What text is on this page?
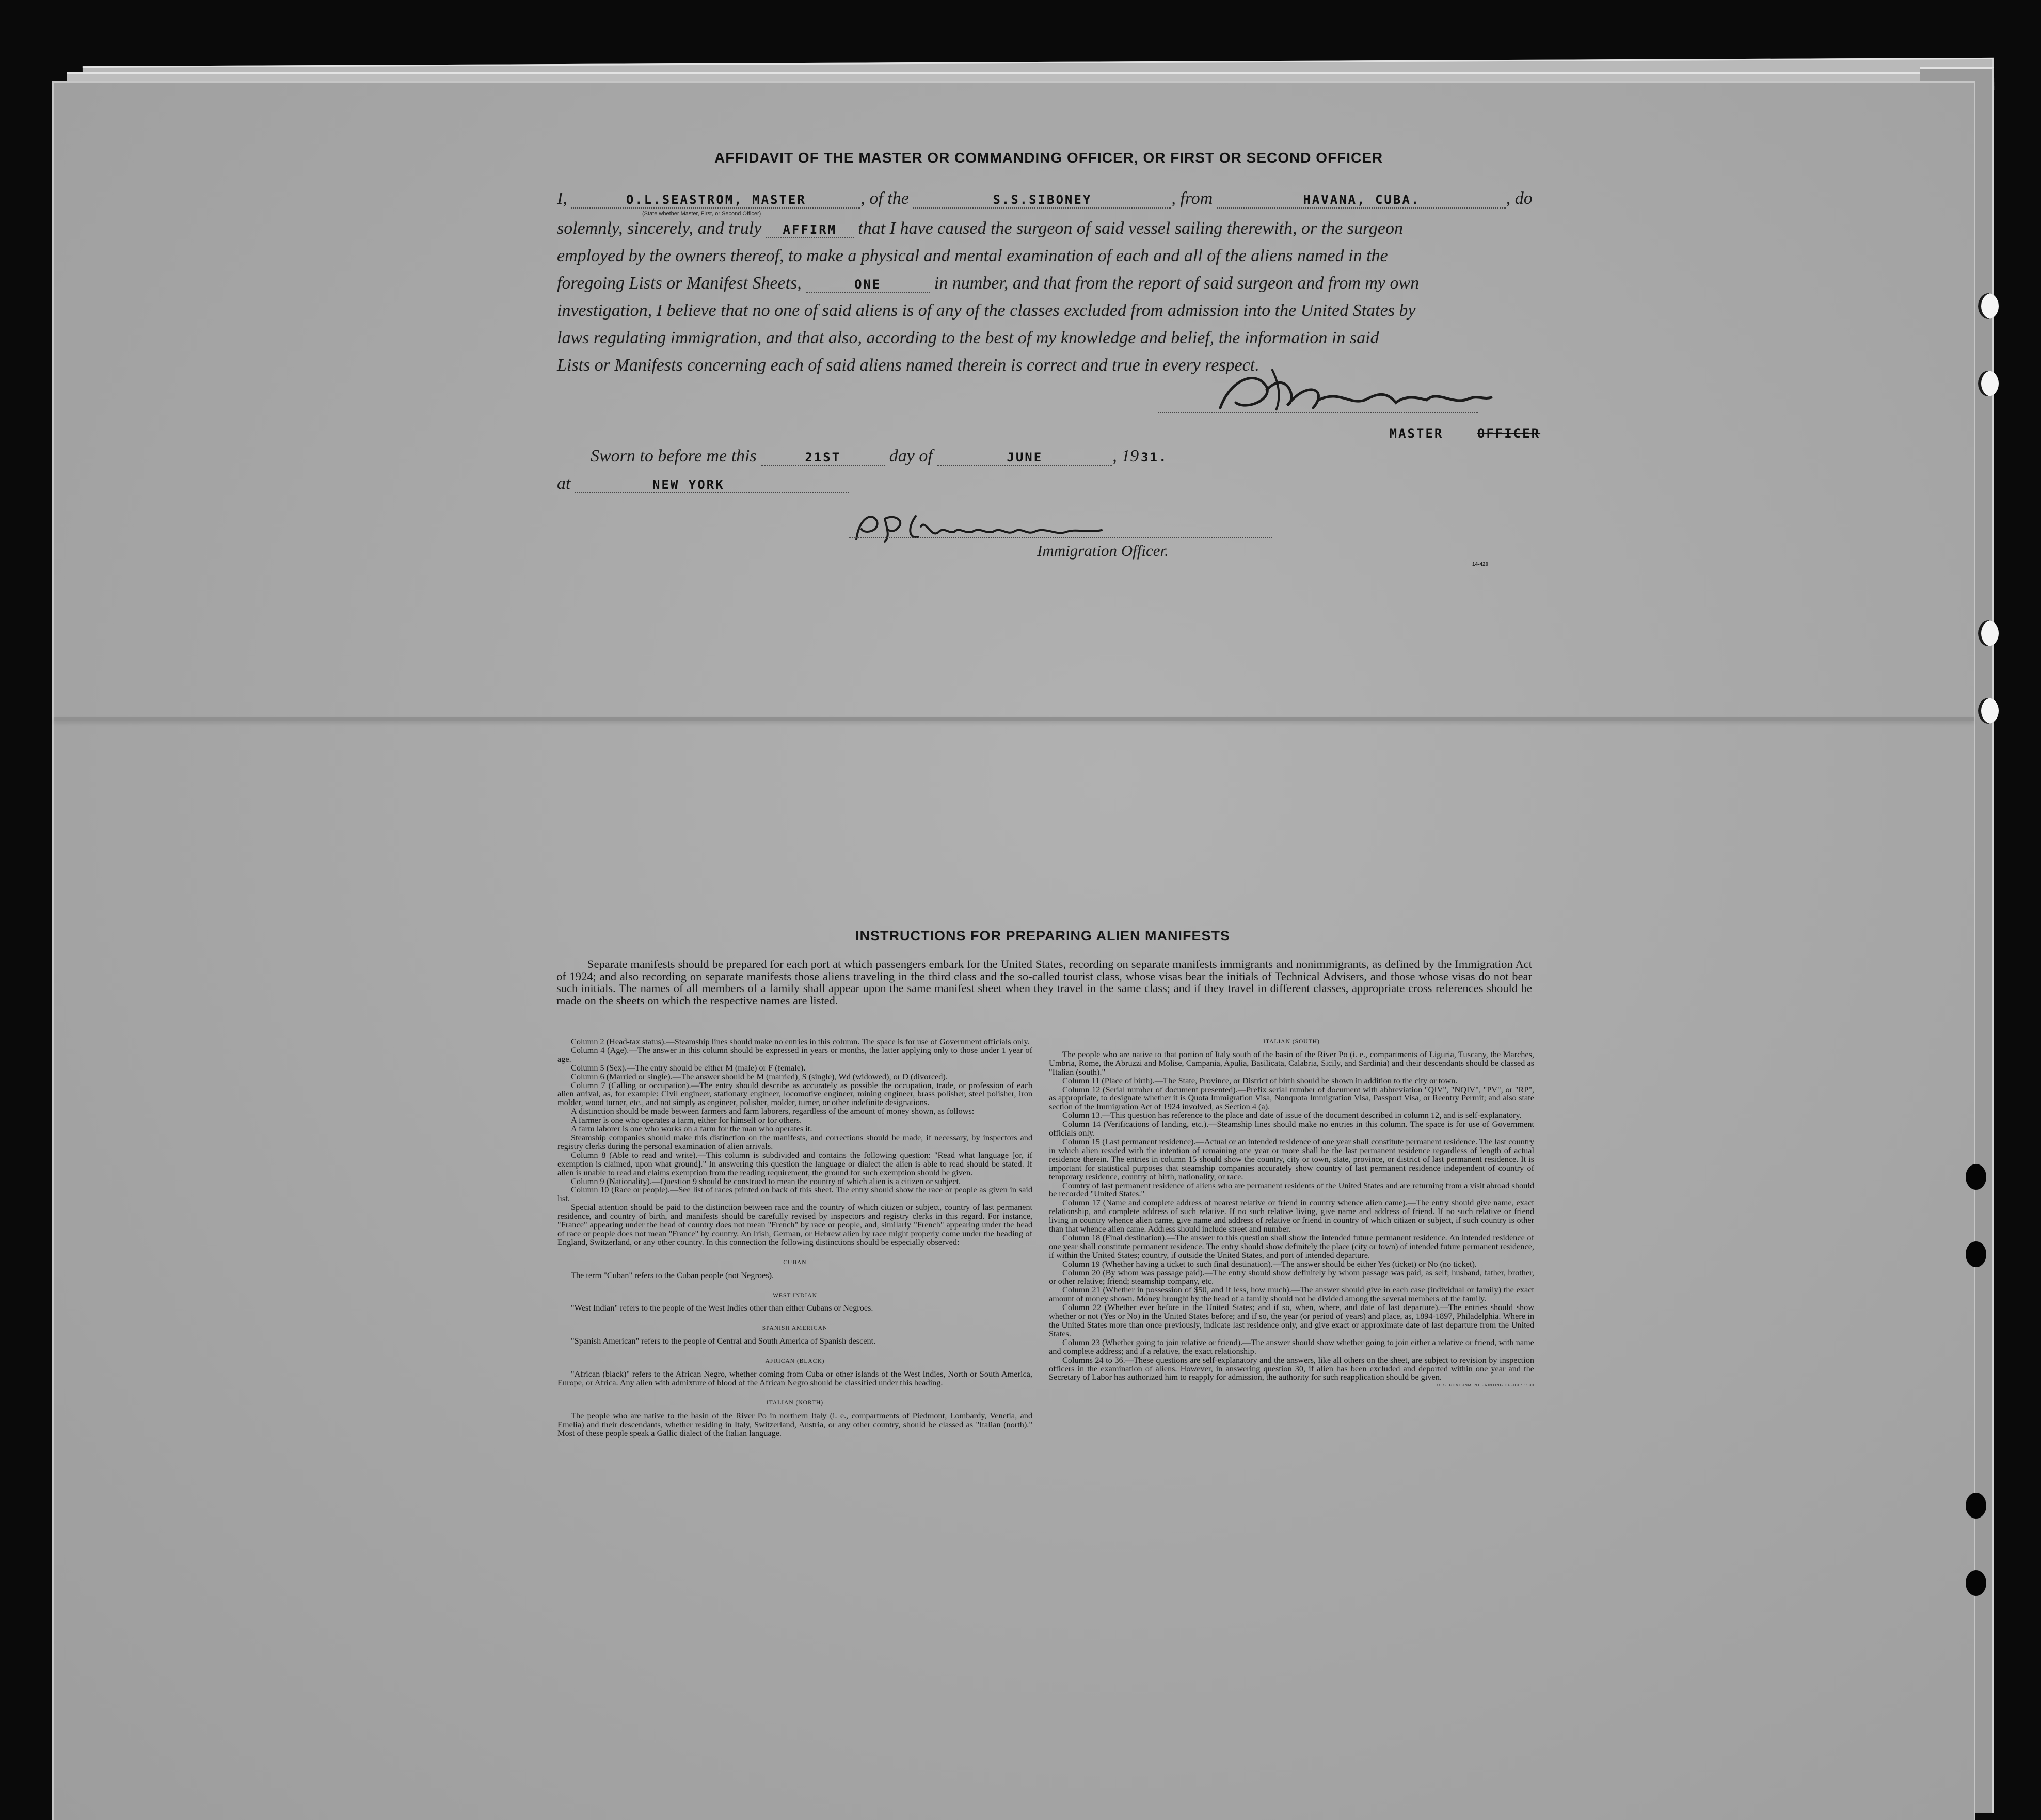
AFFIDAVIT OF THE MASTER OR COMMANDING OFFICER, OR FIRST OR SECOND OFFICER
I,	O.L.SEASTROM, MASTER	, of the	S.S.SIBONEY	, from	HAVANA, CUBA.	, do
(State whether Master, First, or Second Officer)
solemnly, sincerely, and truly AFFIRM that I have caused the surgeon of said vessel sailing therewith, or the surgeon
employed by the owners thereof, to make a physical and mental examination of each and all of the aliens named in the
foregoing Lists or Manifest Sheets,	ONE	in number, and that from the report of said surgeon and from my own
investigation, I believe that no one of said aliens is of any of the classes excluded from admission into the United States by
laws regulating immigration, and that also, according to the best of my knowledge and belief, the information in said
Lists or Manifests concerning each of said aliens named therein is correct and true in every respect.
MASTER	OFFICER
Sworn to before me this	21ST	day of	JUNE	, 19 31.
at	NEW YORK
Immigration Officer.
14-420
INSTRUCTIONS FOR PREPARING ALIEN MANIFESTS
Separate manifests should be prepared for each port at which passengers embark for the United States, recording on separate manifests immigrants and nonimmigrants, as defined by the Immigration Act of 1924; and also recording on separate manifests those aliens traveling in the third class and the so-called tourist class, whose visas bear the initials of Technical Advisers, and those whose visas do not bear such initials. The names of all members of a family shall appear upon the same manifest sheet when they travel in the same class; and if they travel in different classes, appropriate cross references should be made on the sheets on which the respective names are listed.

Column 2 (Head-tax status).—Steamship lines should make no entries in this column. The space is for use of Government officials only.

Column 4 (Age).—The answer in this column should be expressed in years or months, the latter applying only to those under 1 year of age.

Column 5 (Sex).—The entry should be either M (male) or F (female).

Column 6 (Married or single).—The answer should be M (married), S (single), Wd (widowed), or D (divorced).

Column 7 (Calling or occupation).—The entry should describe as accurately as possible the occupation, trade, or profession of each alien arrival, as, for example: Civil engineer, stationary engineer, locomotive engineer, mining engineer, brass polisher, steel polisher, iron molder, wood turner, etc., and not simply as engineer, polisher, molder, turner, or other indefinite designations.

A distinction should be made between farmers and farm laborers, regardless of the amount of money shown, as follows:

A farmer is one who operates a farm, either for himself or for others.

A farm laborer is one who works on a farm for the man who operates it.

Steamship companies should make this distinction on the manifests, and corrections should be made, if necessary, by inspectors and registry clerks during the personal examination of alien arrivals.

Column 8 (Able to read and write).—This column is subdivided and contains the following question: "Read what language [or, if exemption is claimed, upon what ground]." In answering this question the language or dialect the alien is able to read should be stated. If alien is unable to read and claims exemption from the reading requirement, the ground for such exemption should be given.

Column 9 (Nationality).—Question 9 should be construed to mean the country of which alien is a citizen or subject.

Column 10 (Race or people).—See list of races printed on back of this sheet. The entry should show the race or people as given in said list.

Special attention should be paid to the distinction between race and the country of which citizen or subject, country of last permanent residence, and country of birth, and manifests should be carefully revised by inspectors and registry clerks in this regard. For instance, "France" appearing under the head of country does not mean "French" by race or people, and, similarly "French" appearing under the head of race or people does not mean "France" by country. An Irish, German, or Hebrew alien by race might properly come under the heading of England, Switzerland, or any other country. In this connection the following distinctions should be especially observed:

CUBAN

The term "Cuban" refers to the Cuban people (not Negroes).

WEST INDIAN

"West Indian" refers to the people of the West Indies other than either Cubans or Negroes.

SPANISH AMERICAN

"Spanish American" refers to the people of Central and South America of Spanish descent.

AFRICAN (BLACK)

"African (black)" refers to the African Negro, whether coming from Cuba or other islands of the West Indies, North or South America, Europe, or Africa. Any alien with admixture of blood of the African Negro should be classified under this heading.

ITALIAN (NORTH)

The people who are native to the basin of the River Po in northern Italy (i. e., compartments of Piedmont, Lombardy, Venetia, and Emelia) and their descendants, whether residing in Italy, Switzerland, Austria, or any other country, should be classed as "Italian (north)." Most of these people speak a Gallic dialect of the Italian language.

ITALIAN (SOUTH)

The people who are native to that portion of Italy south of the basin of the River Po (i. e., compartments of Liguria, Tuscany, the Marches, Umbria, Rome, the Abruzzi and Molise, Campania, Apulia, Basilicata, Calabria, Sicily, and Sardinia) and their descendants should be classed as "Italian (south)."

Column 11 (Place of birth).—The State, Province, or District of birth should be shown in addition to the city or town.

Column 12 (Serial number of document presented).—Prefix serial number of document with abbreviation "QIV", "NQIV", "PV", or "RP", as appropriate, to designate whether it is Quota Immigration Visa, Nonquota Immigration Visa, Passport Visa, or Reentry Permit; and also state section of the Immigration Act of 1924 involved, as Section 4 (a).

Column 13.—This question has reference to the place and date of issue of the document described in column 12, and is self-explanatory.

Column 14 (Verifications of landing, etc.).—Steamship lines should make no entries in this column. The space is for use of Government officials only.

Column 15 (Last permanent residence).—Actual or an intended residence of one year shall constitute permanent residence. The last country in which alien resided with the intention of remaining one year or more shall be the last permanent residence regardless of length of actual residence therein. The entries in column 15 should show the country, city or town, state, province, or district of last permanent residence. It is important for statistical purposes that steamship companies accurately show country of last permanent residence independent of country of temporary residence, country of birth, nationality, or race.

Country of last permanent residence of aliens who are permanent residents of the United States and are returning from a visit abroad should be recorded "United States."

Column 17 (Name and complete address of nearest relative or friend in country whence alien came).—The entry should give name, exact relationship, and complete address of such relative. If no such relative living, give name and address of friend. If no such relative or friend living in country whence alien came, give name and address of relative or friend in country of which citizen or subject, if such country is other than that whence alien came. Address should include street and number.

Column 18 (Final destination).—The answer to this question shall show the intended future permanent residence. An intended residence of one year shall constitute permanent residence. The entry should show definitely the place (city or town) of intended future permanent residence, if within the United States; country, if outside the United States, and port of intended departure.

Column 19 (Whether having a ticket to such final destination).—The answer should be either Yes (ticket) or No (no ticket).

Column 20 (By whom was passage paid).—The entry should show definitely by whom passage was paid, as self; husband, father, brother, or other relative; friend; steamship company, etc.

Column 21 (Whether in possession of $50, and if less, how much).—The answer should give in each case (individual or family) the exact amount of money shown. Money brought by the head of a family should not be divided among the several members of the family.

Column 22 (Whether ever before in the United States; and if so, when, where, and date of last departure).—The entries should show whether or not (Yes or No) in the United States before; and if so, the year (or period of years) and place, as, 1894-1897, Philadelphia. Where in the United States more than once previously, indicate last residence only, and give exact or approximate date of last departure from the United States.

Column 23 (Whether going to join relative or friend).—The answer should show whether going to join either a relative or friend, with name and complete address; and if a relative, the exact relationship.

Columns 24 to 36.—These questions are self-explanatory and the answers, like all others on the sheet, are subject to revision by inspection officers in the examination of aliens. However, in answering question 30, if alien has been excluded and deported within one year and the Secretary of Labor has authorized him to reapply for admission, the authority for such reapplication should be given.

U. S. GOVERNMENT PRINTING OFFICE: 1930
